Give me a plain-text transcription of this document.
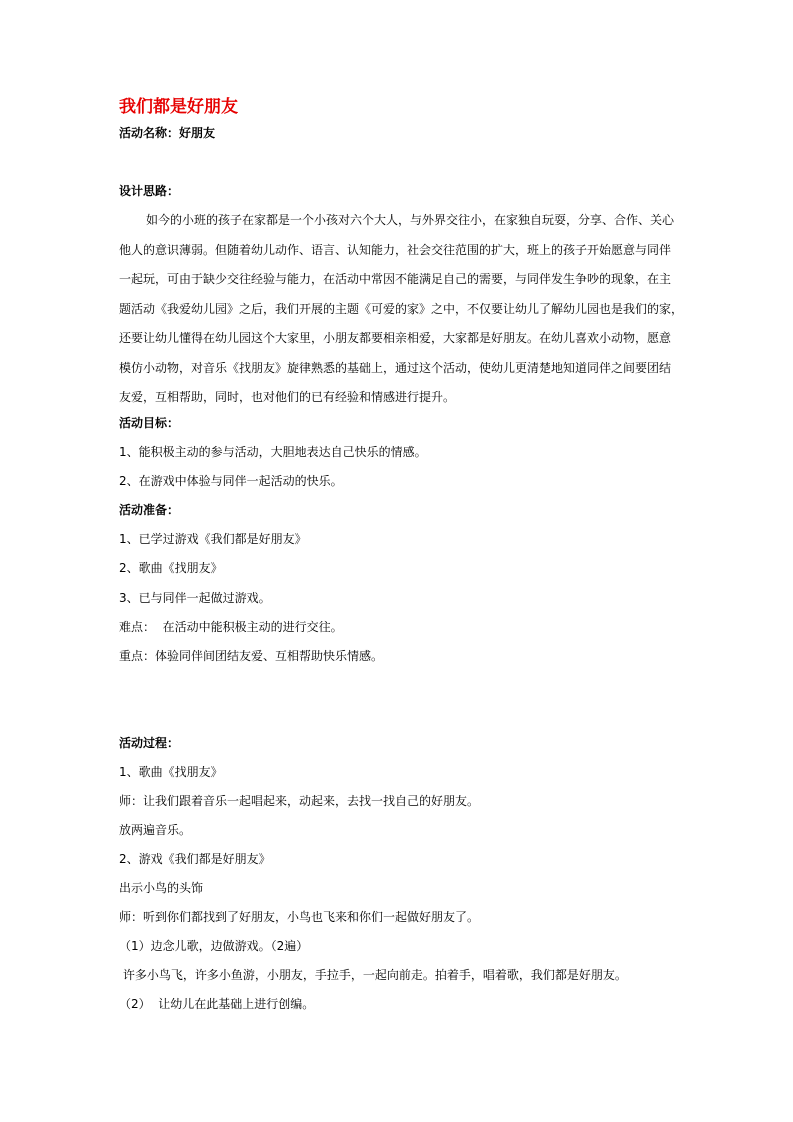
我们都是好朋友
活动名称：好朋友
设计思路：
如今的小班的孩子在家都是一个小孩对六个大人，与外界交往小，在家独自玩耍，分享、合作、关心
他人的意识薄弱。但随着幼儿动作、语言、认知能力，社会交往范围的扩大，班上的孩子开始愿意与同伴
一起玩，可由于缺少交往经验与能力，在活动中常因不能满足自己的需要，与同伴发生争吵的现象，在主
题活动《我爱幼儿园》之后，我们开展的主题《可爱的家》之中，不仅要让幼儿了解幼儿园也是我们的家，
还要让幼儿懂得在幼儿园这个大家里，小朋友都要相亲相爱，大家都是好朋友。在幼儿喜欢小动物，愿意
模仿小动物，对音乐《找朋友》旋律熟悉的基础上，通过这个活动，使幼儿更清楚地知道同伴之间要团结
友爱，互相帮助，同时，也对他们的已有经验和情感进行提升。
活动目标：
1、能积极主动的参与活动，大胆地表达自己快乐的情感。
2、在游戏中体验与同伴一起活动的快乐。
活动准备：
1、已学过游戏《我们都是好朋友》
2、歌曲《找朋友》
3、已与同伴一起做过游戏。
难点：  在活动中能积极主动的进行交往。
重点：体验同伴间团结友爱、互相帮助快乐情感。
活动过程：
1、歌曲《找朋友》
师：让我们跟着音乐一起唱起来，动起来，去找一找自己的好朋友。
放两遍音乐。
2、游戏《我们都是好朋友》
出示小鸟的头饰
师：听到你们都找到了好朋友，小鸟也飞来和你们一起做好朋友了。
（1）边念儿歌，边做游戏。（2遍）
许多小鸟飞，许多小鱼游，小朋友，手拉手，一起向前走。拍着手，唱着歌，我们都是好朋友。
（2）  让幼儿在此基础上进行创编。
